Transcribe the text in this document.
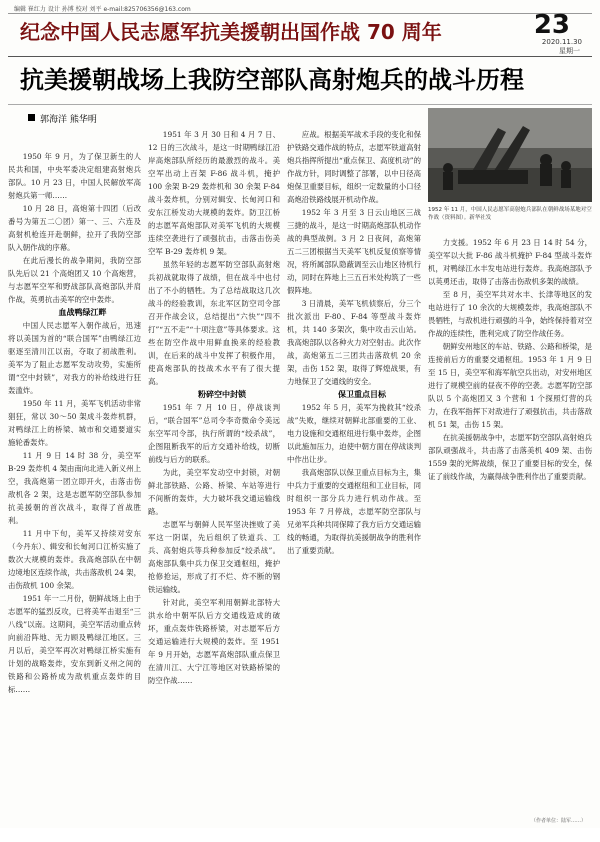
编辑 崔红力 设计 孙博 校对 刘平 e-mail:825706356@163.com
纪念中国人民志愿军抗美援朝出国作战 70 周年	23
2020.11.30
星期一
抗美援朝战场上我防空部队高射炮兵的战斗历程
郭海洋 熊华明

1950 年 9 月，为了保卫新生的人民共和国，中央军委决定组建高射炮兵部队。10 月 23 日，中国人民解放军高射炮兵第一师……

10 月 28 日，高炮第十四团（后改番号为第五二〇团）第一、三、六连及高射机枪连开赴朝鲜，拉开了我防空部队入朝作战的序幕。

在此后漫长的战争期间，我防空部队先后以 21 个高炮团又 10 个高炮营，与志愿军空军和野战部队高炮部队并肩作战，英勇抗击美军的空中轰炸。

血战鸭绿江畔

中国人民志愿军入朝作战后，迅速将以美国为首的“联合国军”由鸭绿江边驱逐至清川江以南，夺取了初战胜利。美军为了阻止志愿军发动攻势，实施所谓“空中封锁”，对我方的补给线进行狂轰滥炸。

1950 年 11 月，美军飞机活动非常猖狂，常以 30～50 架成斗轰炸机群，对鸭绿江上的桥梁、城市和交通要道实施轮番轰炸。

11 月 9 日 14 时 38 分，美空军 B-29 轰炸机 4 架由南向北进入新义州上空，我高炮第一团立即开火，击落击伤敌机各 2 架，这是志愿军防空部队参加抗美援朝的首次战斗，取得了首战胜利。

11 月中下旬，美军又持续对安东（今丹东）、辑安和长甸河口江桥实施了数次大规模的轰炸。我高炮部队在中朝边境地区连续作战，共击落敌机 24 架，击伤敌机 100 余架。

1951 年一二月份，朝鲜战场上由于志愿军的猛烈反攻，已将美军击退至“三八线”以南。这期间，美空军活动重点转向前沿阵地、无力顾及鸭绿江地区。三月以后，美空军再次对鸭绿江桥实施有计划的战略轰炸，安东到新义州之间的铁路和公路桥成为敌机重点轰炸的目标……

1951 年 3 月 30 日和 4 月 7 日、12 日的三次战斗，是这一时期鸭绿江沿岸高炮部队所经历的最激烈的战斗。美空军出动上百架 F-86 战斗机，掩护 100 余架 B-29 轰炸机和 30 余架 F-84 战斗轰炸机，分别对辑安、长甸河口和安东江桥发动大规模的轰炸。防卫江桥的志愿军高炮部队对美军飞机的大规模连续空袭进行了顽强抗击，击落击伤美空军 B-29 轰炸机 9 架。

虽然年轻的志愿军防空部队高射炮兵初战就取得了战绩，但在战斗中也付出了不小的牺牲。为了总结战取这几次战斗的经验教训，东北军区防空司令部召开作战会议，总结提出“六快”“四不打”“五不走”“十项注意”等具体要求。这些在防空作战中用鲜血换来的经验教训，在后来的战斗中发挥了积极作用，使高炮部队的技战术水平有了很大提高。

粉碎空中封锁

1951 年 7 月 10 日，停战谈判后，“联合国军”总司令李奇微命令美远东空军司令部，执行所谓的“绞杀战”，企图阻断我军的后方交通补给线，切断前线与后方的联系。

为此，美空军发动空中封锁，对朝鲜北部铁路、公路、桥梁、车站等进行不间断的轰炸，大力破坏我交通运输线路。

志愿军与朝鲜人民军坚决挫败了美军这一阴谋，先后组织了铁道兵、工兵、高射炮兵等兵种参加反“绞杀战”。高炮部队集中兵力保卫交通枢纽，掩护抢修抢运，形成了打不烂、炸不断的钢铁运输线。

针对此，美空军利用朝鲜北部特大洪水给中朝军队后方交通线造成的破坏，重点轰炸铁路桥梁，对志愿军后方交通运输进行大规模的轰炸。至 1951 年 9 月开始，志愿军高炮部队重点保卫在清川江、大宁江等地区对铁路桥梁的防空作战……

应战。根据美军战术手段的变化和保护铁路交通作战的特点，志愿军铁道高射炮兵指挥所提出“重点保卫、高度机动”的作战方针，同时调整了部署，以中日径高炮保卫重要目标，组织一定数量的小口径高炮沿铁路线展开机动作战。

1952 年 3 月至 3 日云山地区三战三捷的战斗，是这一时期高炮部队机动作战的典型战例。3 月 2 日夜间，高炮第五二三团根据当天美军飞机反复侦察等情况，将所属部队隐蔽调至云山地区待机行动，同时在阵地上三五百米处构筑了一些假阵地。

3 日清晨，美军飞机侦察后，分三个批次派出 F-80、F-84 等型战斗轰炸机，共 140 多架次，集中攻击云山站。我高炮部队以各种火力对空射击。此次作战，高炮第五二三团共击落敌机 20 余架，击伤 152 架，取得了辉煌战果，有力地保卫了交通线的安全。

保卫重点目标

1952 年 5 月，美军为挽救其“绞杀战”失败，继续对朝鲜北部重要的工业、电力设施和交通枢纽进行集中轰炸，企图以此施加压力，迫使中朝方面在停战谈判中作出让步。

我高炮部队以保卫重点目标为主，集中兵力于重要的交通枢纽和工业目标，同时组织一部分兵力进行机动作战。至 1953 年 7 月停战，志愿军防空部队与兄弟军兵种共同保障了我方后方交通运输线的畅通，为取得抗美援朝战争的胜利作出了重要贡献。

1952 年 11 月，中国人民志愿军高射炮兵部队在朝鲜战场某地对空作战（资料图）。新华社发

力支援。1952 年 6 月 23 日 14 时 54 分，美空军以大批 F-86 战斗机掩护 F-84 型战斗轰炸机，对鸭绿江水丰发电站进行轰炸。我高炮部队予以英勇还击，取得了击落击伤敌机多架的战绩。

至 8 月，美空军共对水丰、长津等地区的发电站进行了 10 余次的大规模轰炸，我高炮部队不畏牺牲，与敌机进行顽强的斗争，始终保持着对空作战的连续性，胜利完成了防空作战任务。

朝鲜安州地区的车站、铁路、公路和桥梁，是连接前后方的重要交通枢纽。1953 年 1 月 9 日至 15 日，美空军和海军航空兵出动，对安州地区进行了规模空前的昼夜不停的空袭。志愿军防空部队以 5 个高炮团又 3 个营和 1 个探照灯营的兵力，在我军指挥下对敌进行了顽强抗击，共击落敌机 51 架，击伤 15 架。

在抗美援朝战争中，志愿军防空部队高射炮兵部队顽强战斗，共击落了击落美机 409 架、击伤 1559 架的光辉战绩，保卫了重要目标的安全，保证了前线作战，为赢得战争胜利作出了重要贡献。

（作者单位：陆军……）
